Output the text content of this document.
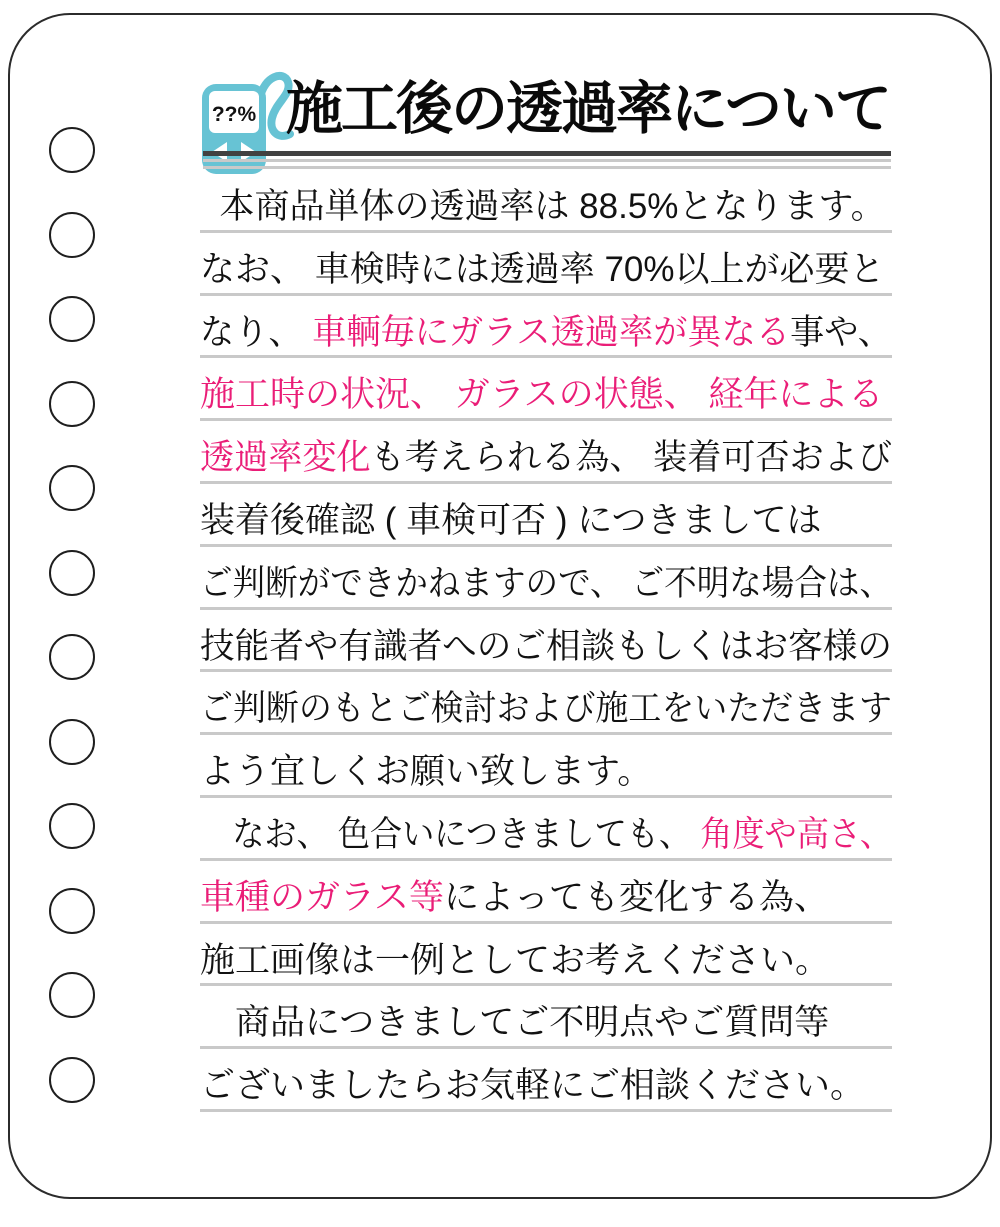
??% 施工後の透過率について
本商品単体の透過率は 88.5%となります。
なお、 車検時には透過率 70%以上が必要と
なり、 車輌毎にガラス透過率が異なる事や、
施工時の状況、 ガラスの状態、 経年による
透過率変化も考えられる為、 装着可否および
装着後確認 ( 車検可否 ) につきましては
ご判断ができかねますので、 ご不明な場合は、
技能者や有識者へのご相談もしくはお客様の
ご判断のもとご検討および施工をいただきます
よう宜しくお願い致します。
　なお、 色合いにつきましても、 角度や高さ、
車種のガラス等によっても変化する為、
施工画像は一例としてお考えください。
　商品につきましてご不明点やご質問等
ございましたらお気軽にご相談ください。
